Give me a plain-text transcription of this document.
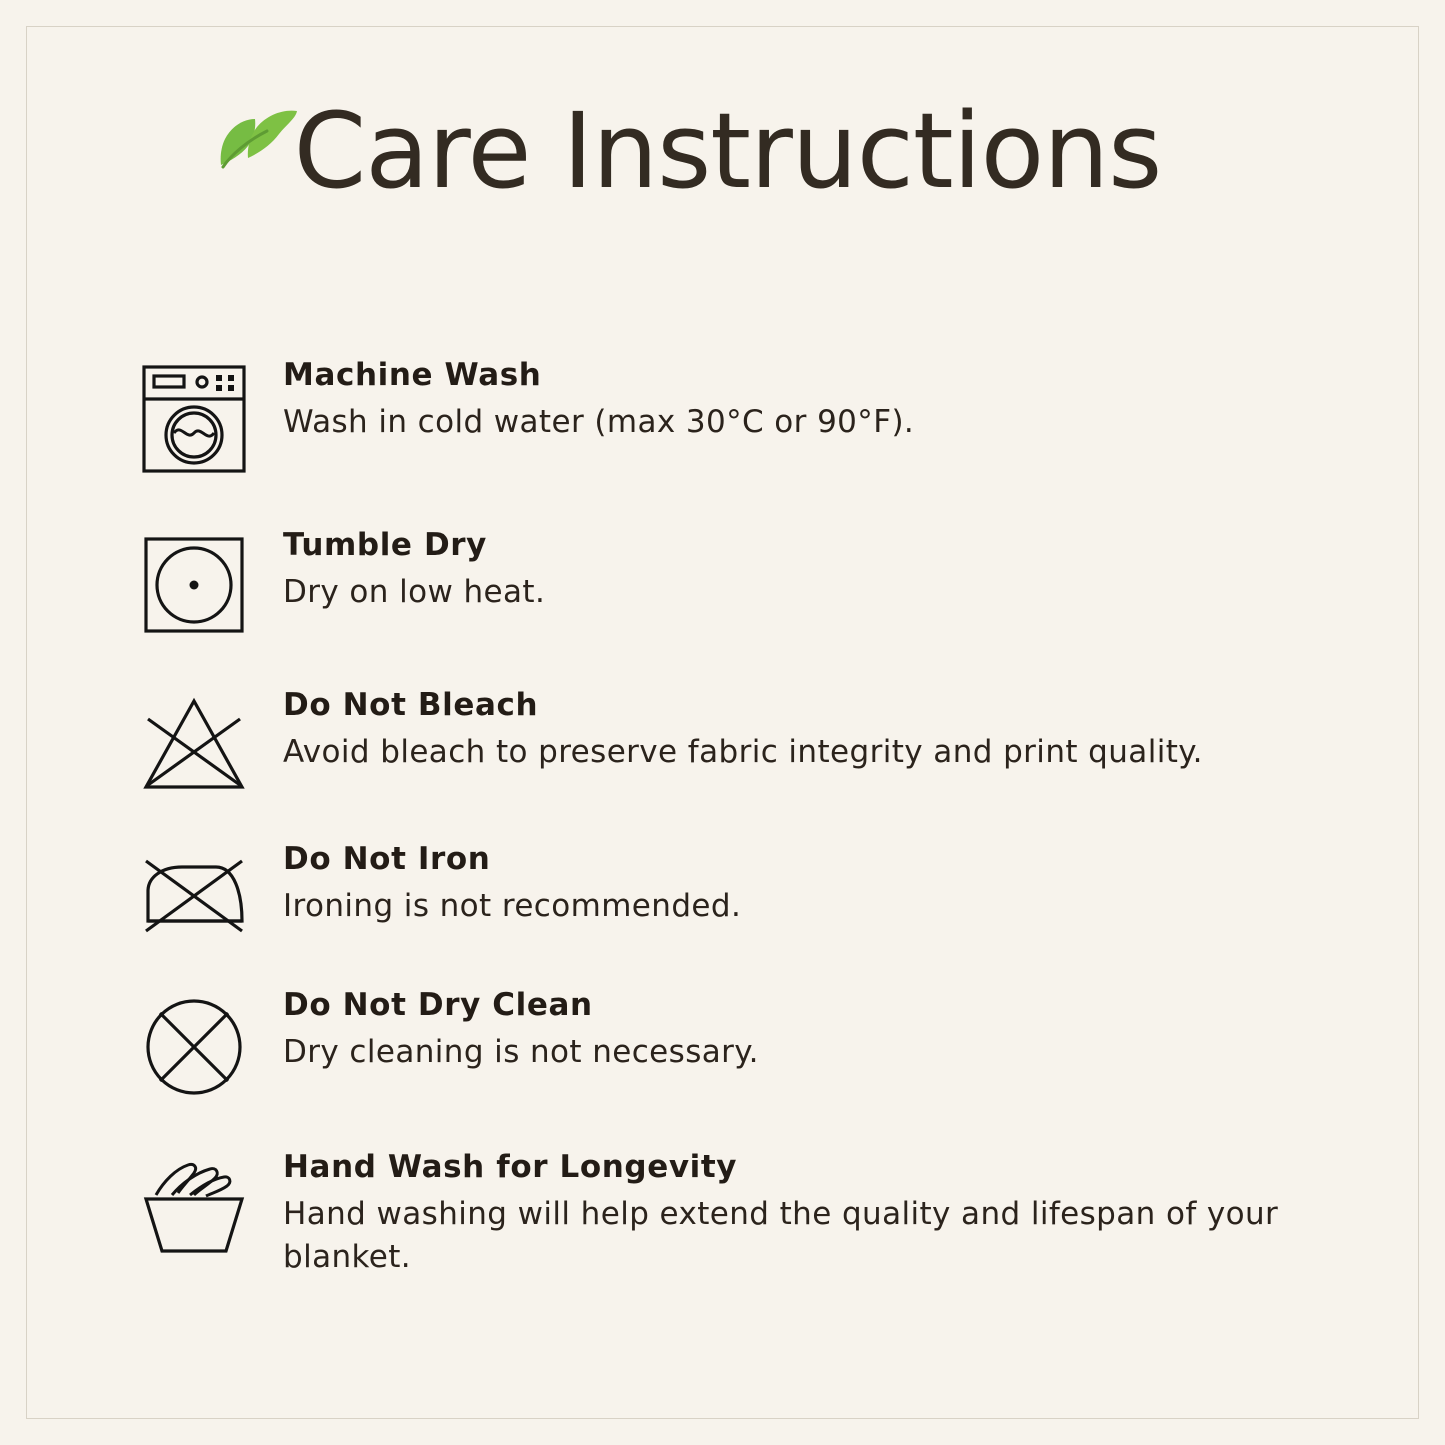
Care Instructions
Machine Wash
Wash in cold water (max 30°C or 90°F).
Tumble Dry
Dry on low heat.
Do Not Bleach
Avoid bleach to preserve fabric integrity and print quality.
Do Not Iron
Ironing is not recommended.
Do Not Dry Clean
Dry cleaning is not necessary.
Hand Wash for Longevity
Hand washing will help extend the quality and lifespan of your blanket.
